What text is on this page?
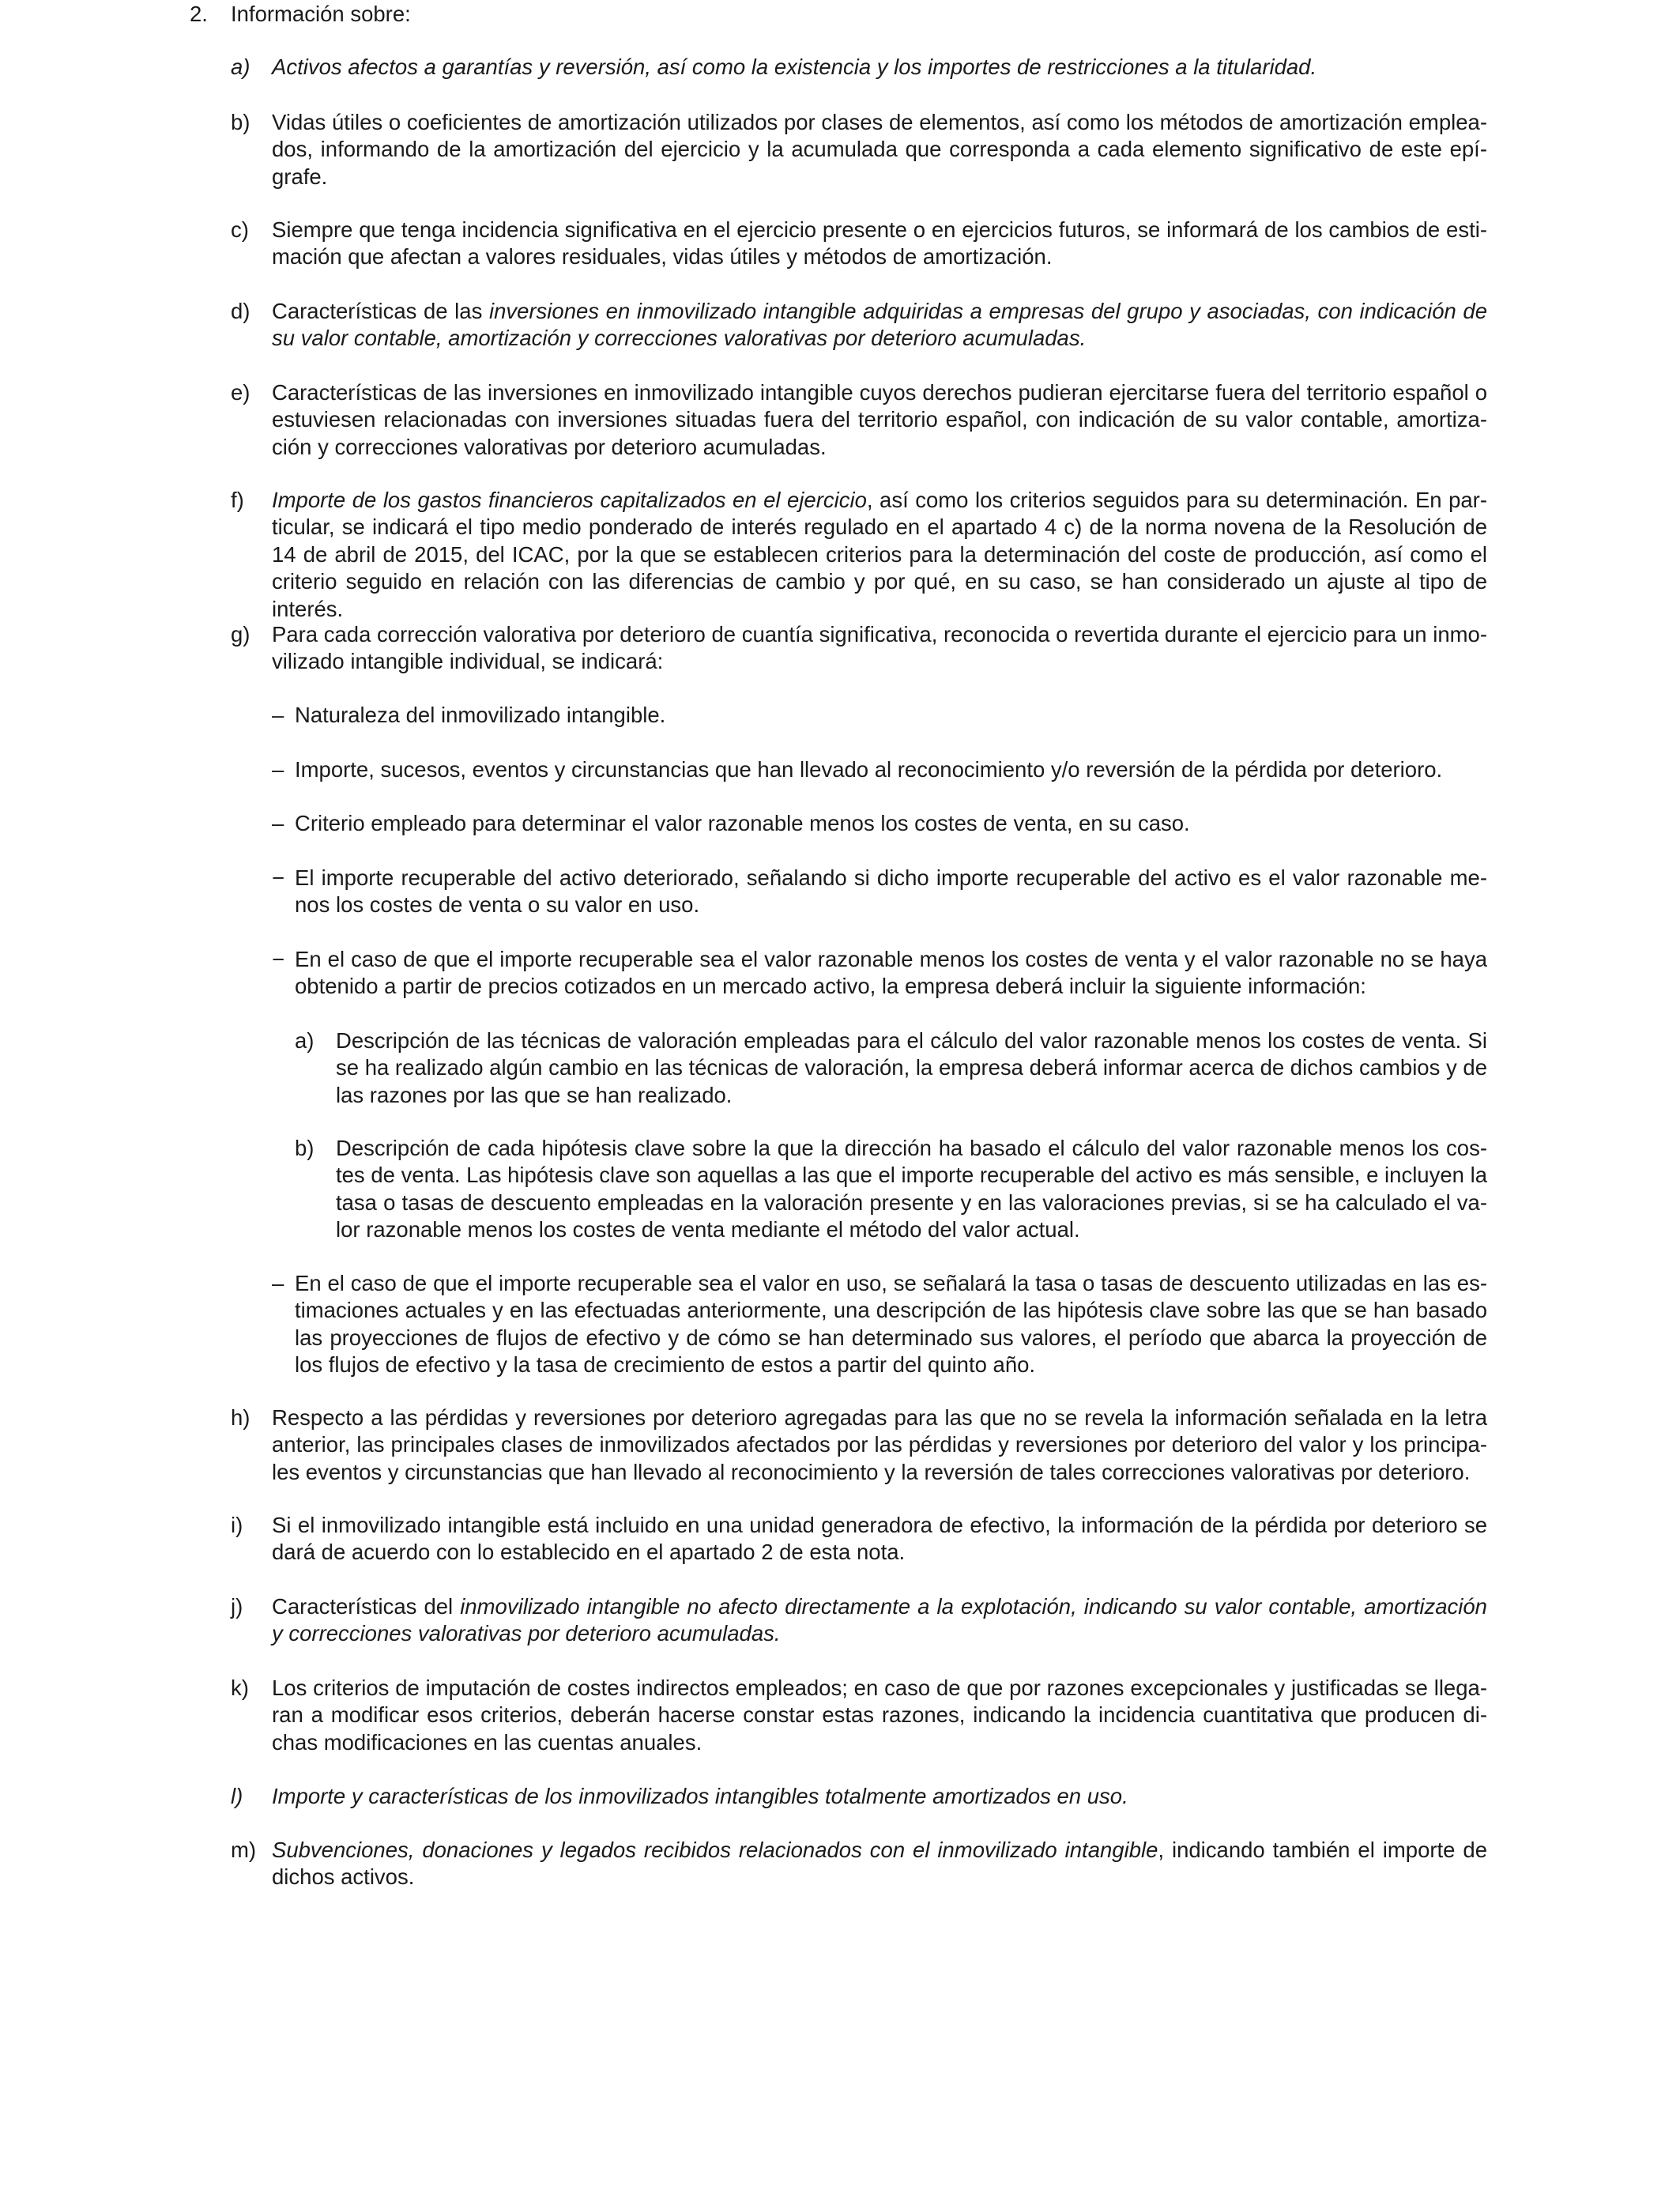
2. Información sobre:
a) Activos afectos a garantías y reversión, así como la existencia y los importes de restricciones a la titularidad.
b) Vidas útiles o coeficientes de amortización utilizados por clases de elementos, así como los métodos de amortización empleados, informando de la amortización del ejercicio y la acumulada que corresponda a cada elemento significativo de este epígrafe.
c) Siempre que tenga incidencia significativa en el ejercicio presente o en ejercicios futuros, se informará de los cambios de estimación que afectan a valores residuales, vidas útiles y métodos de amortización.
d) Características de las inversiones en inmovilizado intangible adquiridas a empresas del grupo y asociadas, con indicación de su valor contable, amortización y correcciones valorativas por deterioro acumuladas.
e) Características de las inversiones en inmovilizado intangible cuyos derechos pudieran ejercitarse fuera del territorio español o estuviesen relacionadas con inversiones situadas fuera del territorio español, con indicación de su valor contable, amortización y correcciones valorativas por deterioro acumuladas.
f) Importe de los gastos financieros capitalizados en el ejercicio, así como los criterios seguidos para su determinación. En particular, se indicará el tipo medio ponderado de interés regulado en el apartado 4 c) de la norma novena de la Resolución de 14 de abril de 2015, del ICAC, por la que se establecen criterios para la determinación del coste de producción, así como el criterio seguido en relación con las diferencias de cambio y por qué, en su caso, se han considerado un ajuste al tipo de interés.
g) Para cada corrección valorativa por deterioro de cuantía significativa, reconocida o revertida durante el ejercicio para un inmovilizado intangible individual, se indicará:
– Naturaleza del inmovilizado intangible.
– Importe, sucesos, eventos y circunstancias que han llevado al reconocimiento y/o reversión de la pérdida por deterioro.
– Criterio empleado para determinar el valor razonable menos los costes de venta, en su caso.
− El importe recuperable del activo deteriorado, señalando si dicho importe recuperable del activo es el valor razonable menos los costes de venta o su valor en uso.
− En el caso de que el importe recuperable sea el valor razonable menos los costes de venta y el valor razonable no se haya obtenido a partir de precios cotizados en un mercado activo, la empresa deberá incluir la siguiente información:
a) Descripción de las técnicas de valoración empleadas para el cálculo del valor razonable menos los costes de venta. Si se ha realizado algún cambio en las técnicas de valoración, la empresa deberá informar acerca de dichos cambios y de las razones por las que se han realizado.
b) Descripción de cada hipótesis clave sobre la que la dirección ha basado el cálculo del valor razonable menos los costes de venta. Las hipótesis clave son aquellas a las que el importe recuperable del activo es más sensible, e incluyen la tasa o tasas de descuento empleadas en la valoración presente y en las valoraciones previas, si se ha calculado el valor razonable menos los costes de venta mediante el método del valor actual.
– En el caso de que el importe recuperable sea el valor en uso, se señalará la tasa o tasas de descuento utilizadas en las estimaciones actuales y en las efectuadas anteriormente, una descripción de las hipótesis clave sobre las que se han basado las proyecciones de flujos de efectivo y de cómo se han determinado sus valores, el período que abarca la proyección de los flujos de efectivo y la tasa de crecimiento de estos a partir del quinto año.
h) Respecto a las pérdidas y reversiones por deterioro agregadas para las que no se revela la información señalada en la letra anterior, las principales clases de inmovilizados afectados por las pérdidas y reversiones por deterioro del valor y los principales eventos y circunstancias que han llevado al reconocimiento y la reversión de tales correcciones valorativas por deterioro.
i) Si el inmovilizado intangible está incluido en una unidad generadora de efectivo, la información de la pérdida por deterioro se dará de acuerdo con lo establecido en el apartado 2 de esta nota.
j) Características del inmovilizado intangible no afecto directamente a la explotación, indicando su valor contable, amortización y correcciones valorativas por deterioro acumuladas.
k) Los criterios de imputación de costes indirectos empleados; en caso de que por razones excepcionales y justificadas se llegaran a modificar esos criterios, deberán hacerse constar estas razones, indicando la incidencia cuantitativa que producen dichas modificaciones en las cuentas anuales.
l) Importe y características de los inmovilizados intangibles totalmente amortizados en uso.
m) Subvenciones, donaciones y legados recibidos relacionados con el inmovilizado intangible, indicando también el importe de dichos activos.
